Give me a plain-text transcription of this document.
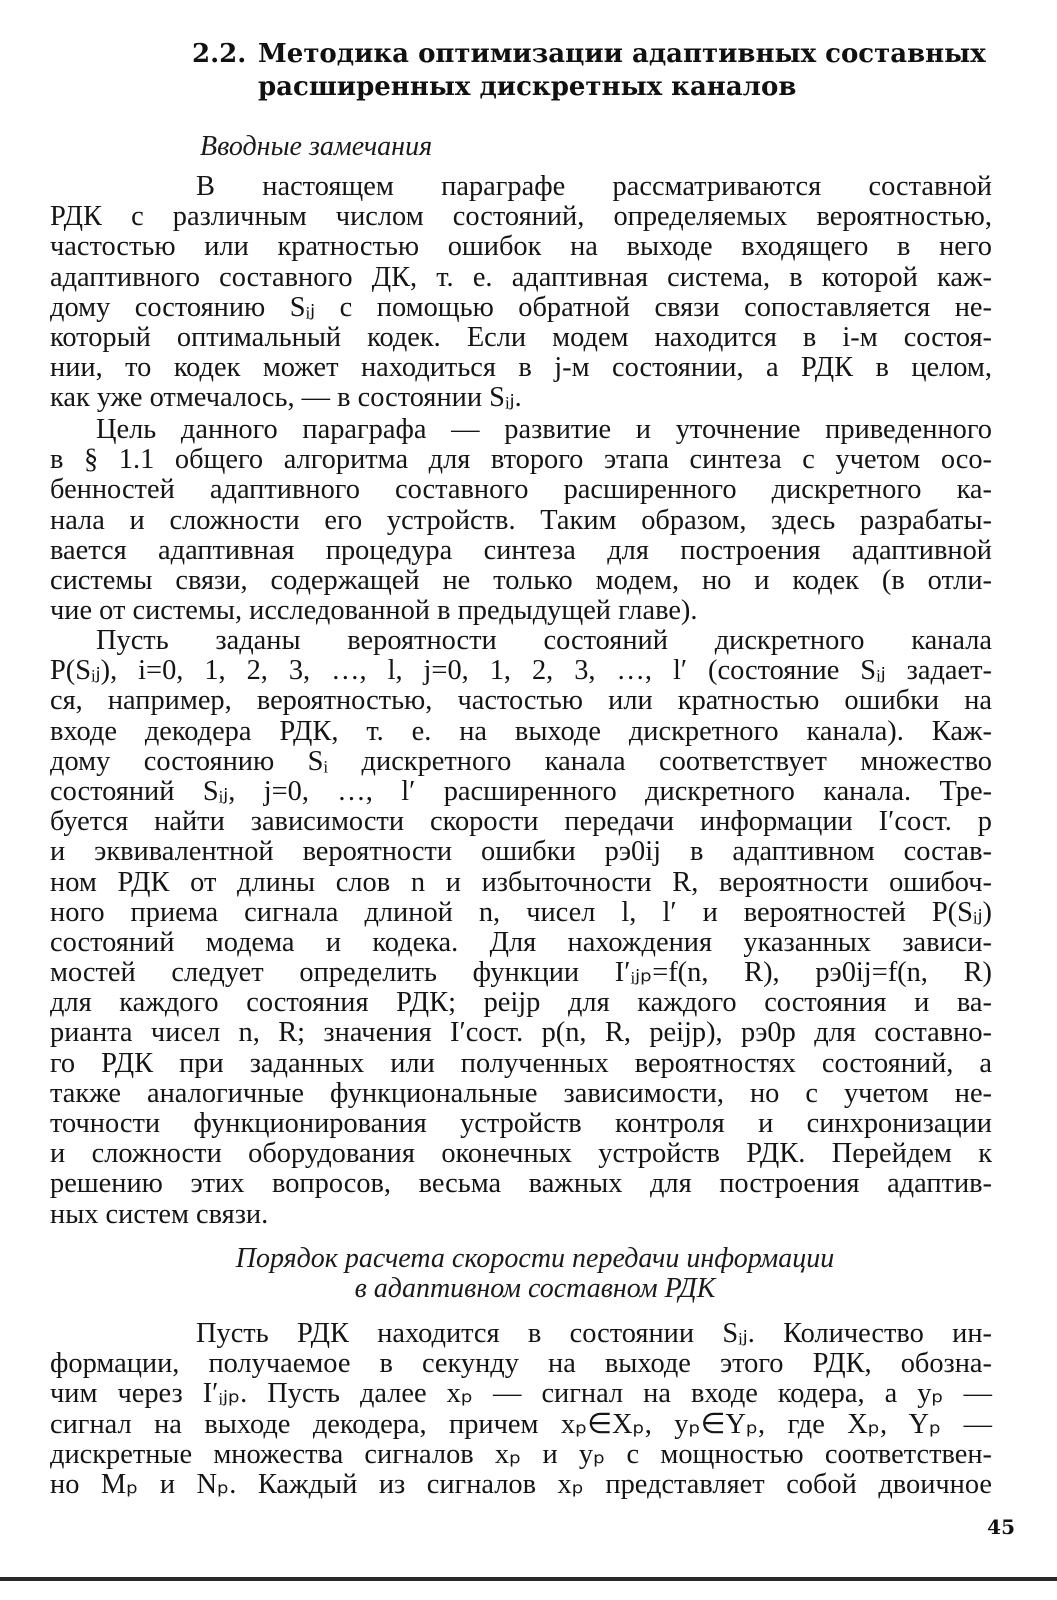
2.2. Методика оптимизации адаптивных составных
расширенных дискретных каналов

Вводные замечания

В настоящем параграфе рассматриваются составной
РДК с различным числом состояний, определяемых вероятностью,
частостью или кратностью ошибок на выходе входящего в него
адаптивного составного ДК, т. е. адаптивная система, в которой каж-
дому состоянию Sᵢⱼ с помощью обратной связи сопоставляется не-
который оптимальный кодек. Если модем находится в i-м состоя-
нии, то кодек может находиться в j-м состоянии, а РДК в целом,
как уже отмечалось, — в состоянии Sᵢⱼ.
Цель данного параграфа — развитие и уточнение приведенного
в § 1.1 общего алгоритма для второго этапа синтеза с учетом осо-
бенностей адаптивного составного расширенного дискретного ка-
нала и сложности его устройств. Таким образом, здесь разрабаты-
вается адаптивная процедура синтеза для построения адаптивной
системы связи, содержащей не только модем, но и кодек (в отли-
чие от системы, исследованной в предыдущей главе).
Пусть заданы вероятности состояний дискретного канала
P(Sᵢⱼ), i=0, 1, 2, 3, …, l, j=0, 1, 2, 3, …, l′ (состояние Sᵢⱼ задает-
ся, например, вероятностью, частостью или кратностью ошибки на
входе декодера РДК, т. е. на выходе дискретного канала). Каж-
дому состоянию Sᵢ дискретного канала соответствует множество
состояний Sᵢⱼ, j=0, …, l′ расширенного дискретного канала. Тре-
буется найти зависимости скорости передачи информации I′сост. р
и эквивалентной вероятности ошибки pэ0ij в адаптивном состав-
ном РДК от длины слов n и избыточности R, вероятности ошибоч-
ного приема сигнала длиной n, чисел l, l′ и вероятностей P(Sᵢⱼ)
состояний модема и кодека. Для нахождения указанных зависи-
мостей следует определить функции I′ᵢⱼₚ=f(n, R), pэ0ij=f(n, R)
для каждого состояния РДК; peijp для каждого состояния и ва-
рианта чисел n, R; значения I′сост. р(n, R, peijp), pэ0р для составно-
го РДК при заданных или полученных вероятностях состояний, а
также аналогичные функциональные зависимости, но с учетом не-
точности функционирования устройств контроля и синхронизации
и сложности оборудования оконечных устройств РДК. Перейдем к
решению этих вопросов, весьма важных для построения адаптив-
ных систем связи.
Порядок расчета скорости передачи информации
в адаптивном составном РДК
Пусть РДК находится в состоянии Sᵢⱼ. Количество ин-
формации, получаемое в секунду на выходе этого РДК, обозна-
чим через I′ᵢⱼₚ. Пусть далее xₚ — сигнал на входе кодера, а yₚ —
сигнал на выходе декодера, причем xₚ∈Xₚ, yₚ∈Yₚ, где Xₚ, Yₚ —
дискретные множества сигналов xₚ и yₚ с мощностью соответствен-
но Mₚ и Nₚ. Каждый из сигналов xₚ представляет собой двоичное
45
